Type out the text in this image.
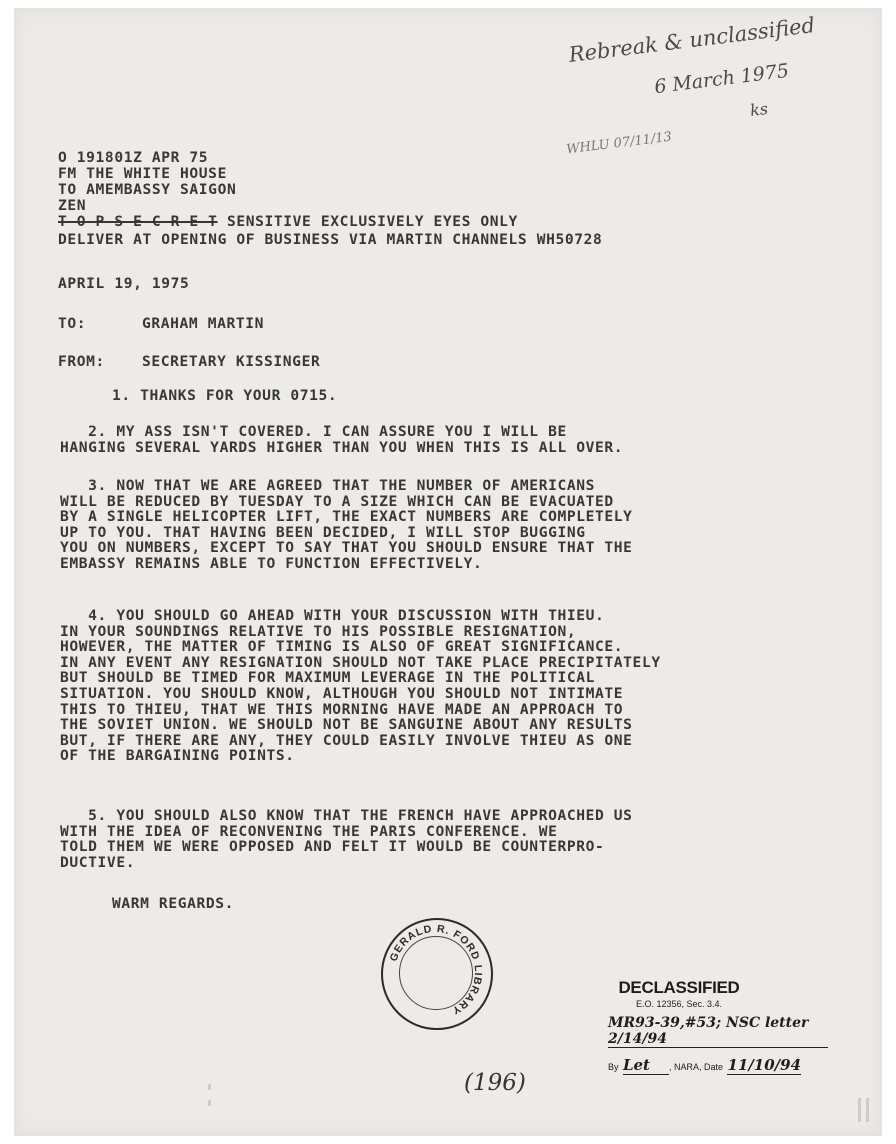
Rebreak & unclassified
6 March 1975
ks
WHLU 07/11/13
O 191801Z APR 75
FM THE WHITE HOUSE
TO AMEMBASSY SAIGON
ZEN
T O P S E C R E T SENSITIVE EXCLUSIVELY EYES ONLY
DELIVER AT OPENING OF BUSINESS VIA MARTIN CHANNELS WH50728
APRIL 19, 1975
TO:	GRAHAM MARTIN
FROM:	SECRETARY KISSINGER
1. THANKS FOR YOUR 0715.
2. MY ASS ISN'T COVERED. I CAN ASSURE YOU I WILL BE
HANGING SEVERAL YARDS HIGHER THAN YOU WHEN THIS IS ALL OVER.
3. NOW THAT WE ARE AGREED THAT THE NUMBER OF AMERICANS
WILL BE REDUCED BY TUESDAY TO A SIZE WHICH CAN BE EVACUATED
BY A SINGLE HELICOPTER LIFT, THE EXACT NUMBERS ARE COMPLETELY
UP TO YOU. THAT HAVING BEEN DECIDED, I WILL STOP BUGGING
YOU ON NUMBERS, EXCEPT TO SAY THAT YOU SHOULD ENSURE THAT THE
EMBASSY REMAINS ABLE TO FUNCTION EFFECTIVELY.
4. YOU SHOULD GO AHEAD WITH YOUR DISCUSSION WITH THIEU.
IN YOUR SOUNDINGS RELATIVE TO HIS POSSIBLE RESIGNATION,
HOWEVER, THE MATTER OF TIMING IS ALSO OF GREAT SIGNIFICANCE.
IN ANY EVENT ANY RESIGNATION SHOULD NOT TAKE PLACE PRECIPITATELY
BUT SHOULD BE TIMED FOR MAXIMUM LEVERAGE IN THE POLITICAL
SITUATION. YOU SHOULD KNOW, ALTHOUGH YOU SHOULD NOT INTIMATE
THIS TO THIEU, THAT WE THIS MORNING HAVE MADE AN APPROACH TO
THE SOVIET UNION. WE SHOULD NOT BE SANGUINE ABOUT ANY RESULTS
BUT, IF THERE ARE ANY, THEY COULD EASILY INVOLVE THIEU AS ONE
OF THE BARGAINING POINTS.
5. YOU SHOULD ALSO KNOW THAT THE FRENCH HAVE APPROACHED US
WITH THE IDEA OF RECONVENING THE PARIS CONFERENCE. WE
TOLD THEM WE WERE OPPOSED AND FELT IT WOULD BE COUNTERPRO-
DUCTIVE.
WARM REGARDS.
GERALD R. FORD LIBRARY
DECLASSIFIED
E.O. 12356, Sec. 3.4.
MR93-39,#53; NSC letter 2/14/94
By Let , NARA, Date 11/10/94
(196)
